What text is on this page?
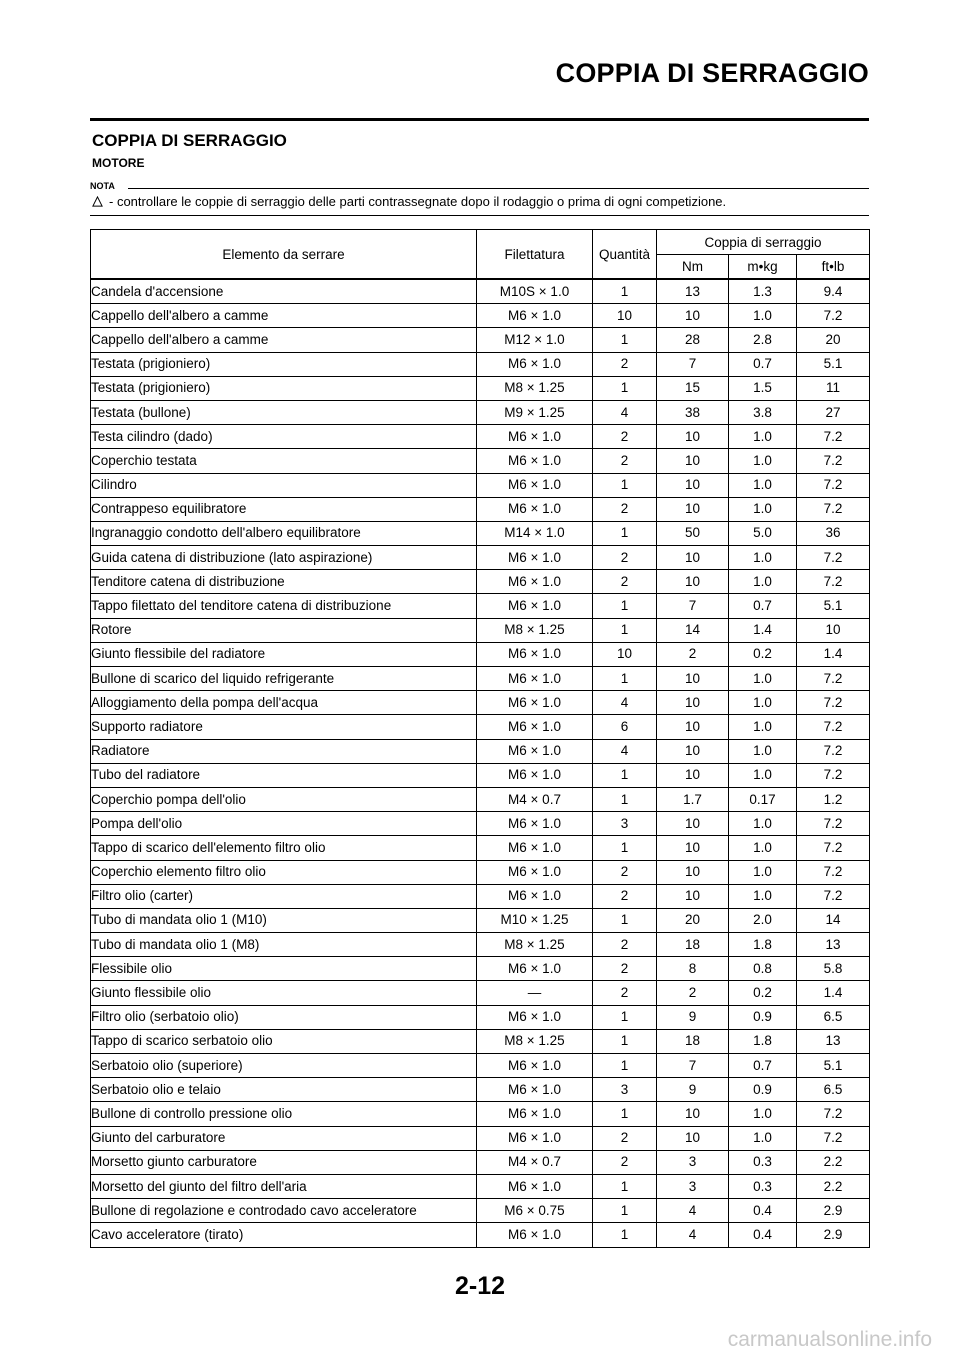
COPPIA DI SERRAGGIO
COPPIA DI SERRAGGIO
MOTORE
NOTA
- controllare le coppie di serraggio delle parti contrassegnate dopo il rodaggio o prima di ogni competizione.
Elemento da serrare	Filettatura	Quantità	Coppia di serraggio		
			Nm	m•kg	ft•lb
Candela d'accensione	M10S × 1.0	1	13	1.3	9.4
Cappello dell'albero a camme	M6 × 1.0	10	10	1.0	7.2
Cappello dell'albero a camme	M12 × 1.0	1	28	2.8	20
Testata (prigioniero)	M6 × 1.0	2	7	0.7	5.1
Testata (prigioniero)	M8 × 1.25	1	15	1.5	11
Testata (bullone)	M9 × 1.25	4	38	3.8	27
Testa cilindro (dado)	M6 × 1.0	2	10	1.0	7.2
Coperchio testata	M6 × 1.0	2	10	1.0	7.2
Cilindro	M6 × 1.0	1	10	1.0	7.2
Contrappeso equilibratore	M6 × 1.0	2	10	1.0	7.2
Ingranaggio condotto dell'albero equilibratore	M14 × 1.0	1	50	5.0	36
Guida catena di distribuzione (lato aspirazione)	M6 × 1.0	2	10	1.0	7.2
Tenditore catena di distribuzione	M6 × 1.0	2	10	1.0	7.2
Tappo filettato del tenditore catena di distribuzione	M6 × 1.0	1	7	0.7	5.1
Rotore	M8 × 1.25	1	14	1.4	10
Giunto flessibile del radiatore	M6 × 1.0	10	2	0.2	1.4
Bullone di scarico del liquido refrigerante	M6 × 1.0	1	10	1.0	7.2
Alloggiamento della pompa dell'acqua	M6 × 1.0	4	10	1.0	7.2
Supporto radiatore	M6 × 1.0	6	10	1.0	7.2
Radiatore	M6 × 1.0	4	10	1.0	7.2
Tubo del radiatore	M6 × 1.0	1	10	1.0	7.2
Coperchio pompa dell'olio	M4 × 0.7	1	1.7	0.17	1.2
Pompa dell'olio	M6 × 1.0	3	10	1.0	7.2
Tappo di scarico dell'elemento filtro olio	M6 × 1.0	1	10	1.0	7.2
Coperchio elemento filtro olio	M6 × 1.0	2	10	1.0	7.2
Filtro olio (carter)	M6 × 1.0	2	10	1.0	7.2
Tubo di mandata olio 1 (M10)	M10 × 1.25	1	20	2.0	14
Tubo di mandata olio 1 (M8)	M8 × 1.25	2	18	1.8	13
Flessibile olio	M6 × 1.0	2	8	0.8	5.8
Giunto flessibile olio	—	2	2	0.2	1.4
Filtro olio (serbatoio olio)	M6 × 1.0	1	9	0.9	6.5
Tappo di scarico serbatoio olio	M8 × 1.25	1	18	1.8	13
Serbatoio olio (superiore)	M6 × 1.0	1	7	0.7	5.1
Serbatoio olio e telaio	M6 × 1.0	3	9	0.9	6.5
Bullone di controllo pressione olio	M6 × 1.0	1	10	1.0	7.2
Giunto del carburatore	M6 × 1.0	2	10	1.0	7.2
Morsetto giunto carburatore	M4 × 0.7	2	3	0.3	2.2
Morsetto del giunto del filtro dell'aria	M6 × 1.0	1	3	0.3	2.2
Bullone di regolazione e controdado cavo acceleratore	M6 × 0.75	1	4	0.4	2.9
Cavo acceleratore (tirato)	M6 × 1.0	1	4	0.4	2.9
2-12
carmanualsonline.info
